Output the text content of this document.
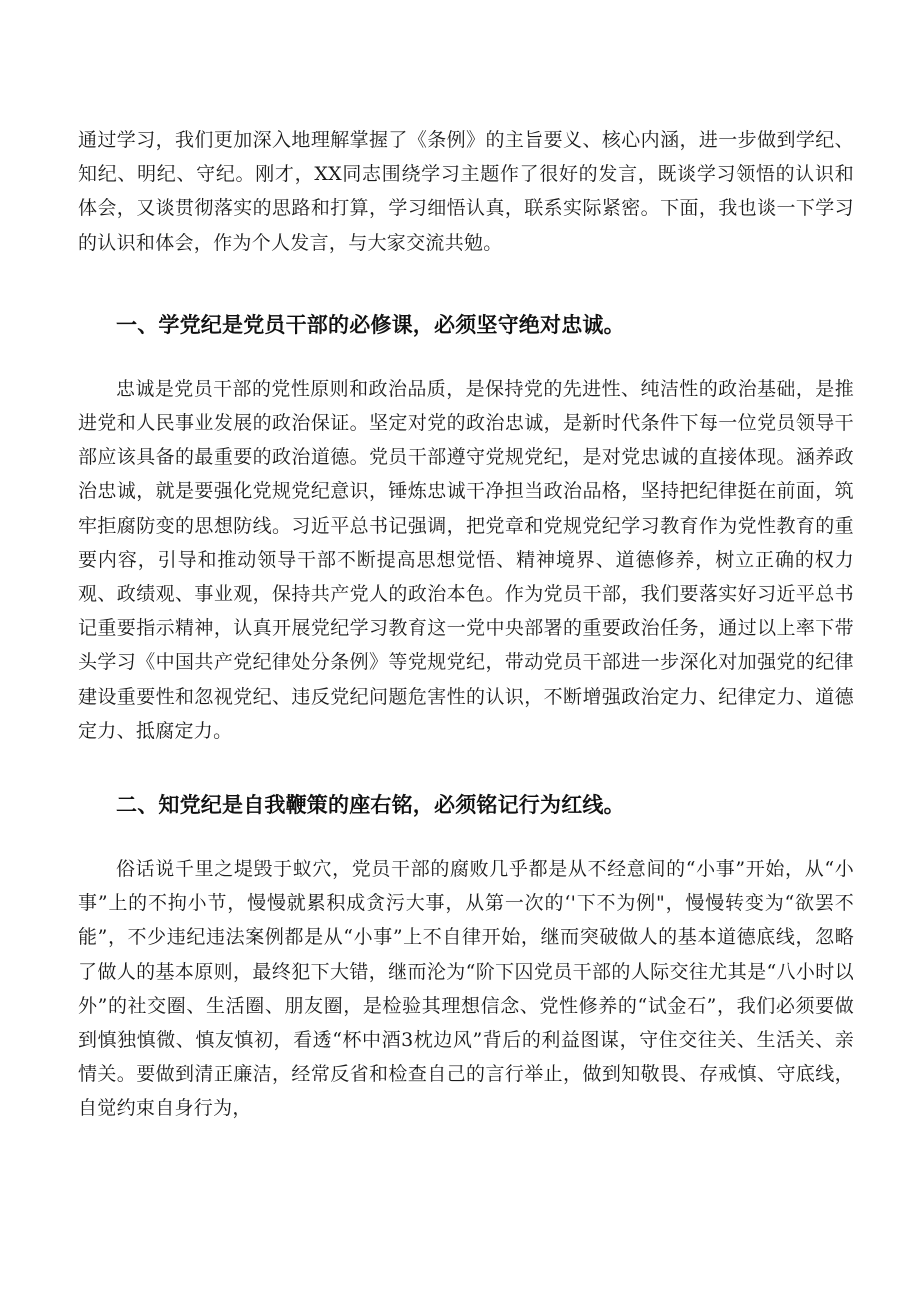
通过学习，我们更加深入地理解掌握了《条例》的主旨要义、核心内涵，进一步做到学纪、知纪、明纪、守纪。刚才，XX同志围绕学习主题作了很好的发言，既谈学习领悟的认识和体会，又谈贯彻落实的思路和打算，学习细悟认真，联系实际紧密。下面，我也谈一下学习的认识和体会，作为个人发言，与大家交流共勉。

一、学党纪是党员干部的必修课，必须坚守绝对忠诚。

忠诚是党员干部的党性原则和政治品质，是保持党的先进性、纯洁性的政治基础，是推进党和人民事业发展的政治保证。坚定对党的政治忠诚，是新时代条件下每一位党员领导干部应该具备的最重要的政治道德。党员干部遵守党规党纪，是对党忠诚的直接体现。涵养政治忠诚，就是要强化党规党纪意识，锤炼忠诚干净担当政治品格，坚持把纪律挺在前面，筑牢拒腐防变的思想防线。习近平总书记强调，把党章和党规党纪学习教育作为党性教育的重要内容，引导和推动领导干部不断提高思想觉悟、精神境界、道德修养，树立正确的权力观、政绩观、事业观，保持共产党人的政治本色。作为党员干部，我们要落实好习近平总书记重要指示精神，认真开展党纪学习教育这一党中央部署的重要政治任务，通过以上率下带头学习《中国共产党纪律处分条例》等党规党纪，带动党员干部进一步深化对加强党的纪律建设重要性和忽视党纪、违反党纪问题危害性的认识，不断增强政治定力、纪律定力、道德定力、抵腐定力。

二、知党纪是自我鞭策的座右铭，必须铭记行为红线。

俗话说千里之堤毁于蚁穴，党员干部的腐败几乎都是从不经意间的“小事”开始，从“小事”上的不拘小节，慢慢就累积成贪污大事，从第一次的‘'下不为例"，慢慢转变为“欲罢不能”，不少违纪违法案例都是从“小事”上不自律开始，继而突破做人的基本道德底线，忽略了做人的基本原则，最终犯下大错，继而沦为“阶下囚党员干部的人际交往尤其是“八小时以外”的社交圈、生活圈、朋友圈，是检验其理想信念、党性修养的“试金石”，我们必须要做到慎独慎微、慎友慎初，看透“杯中酒3枕边风”背后的利益图谋，守住交往关、生活关、亲情关。要做到清正廉洁，经常反省和检查自己的言行举止，做到知敬畏、存戒慎、守底线，自觉约束自身行为，
